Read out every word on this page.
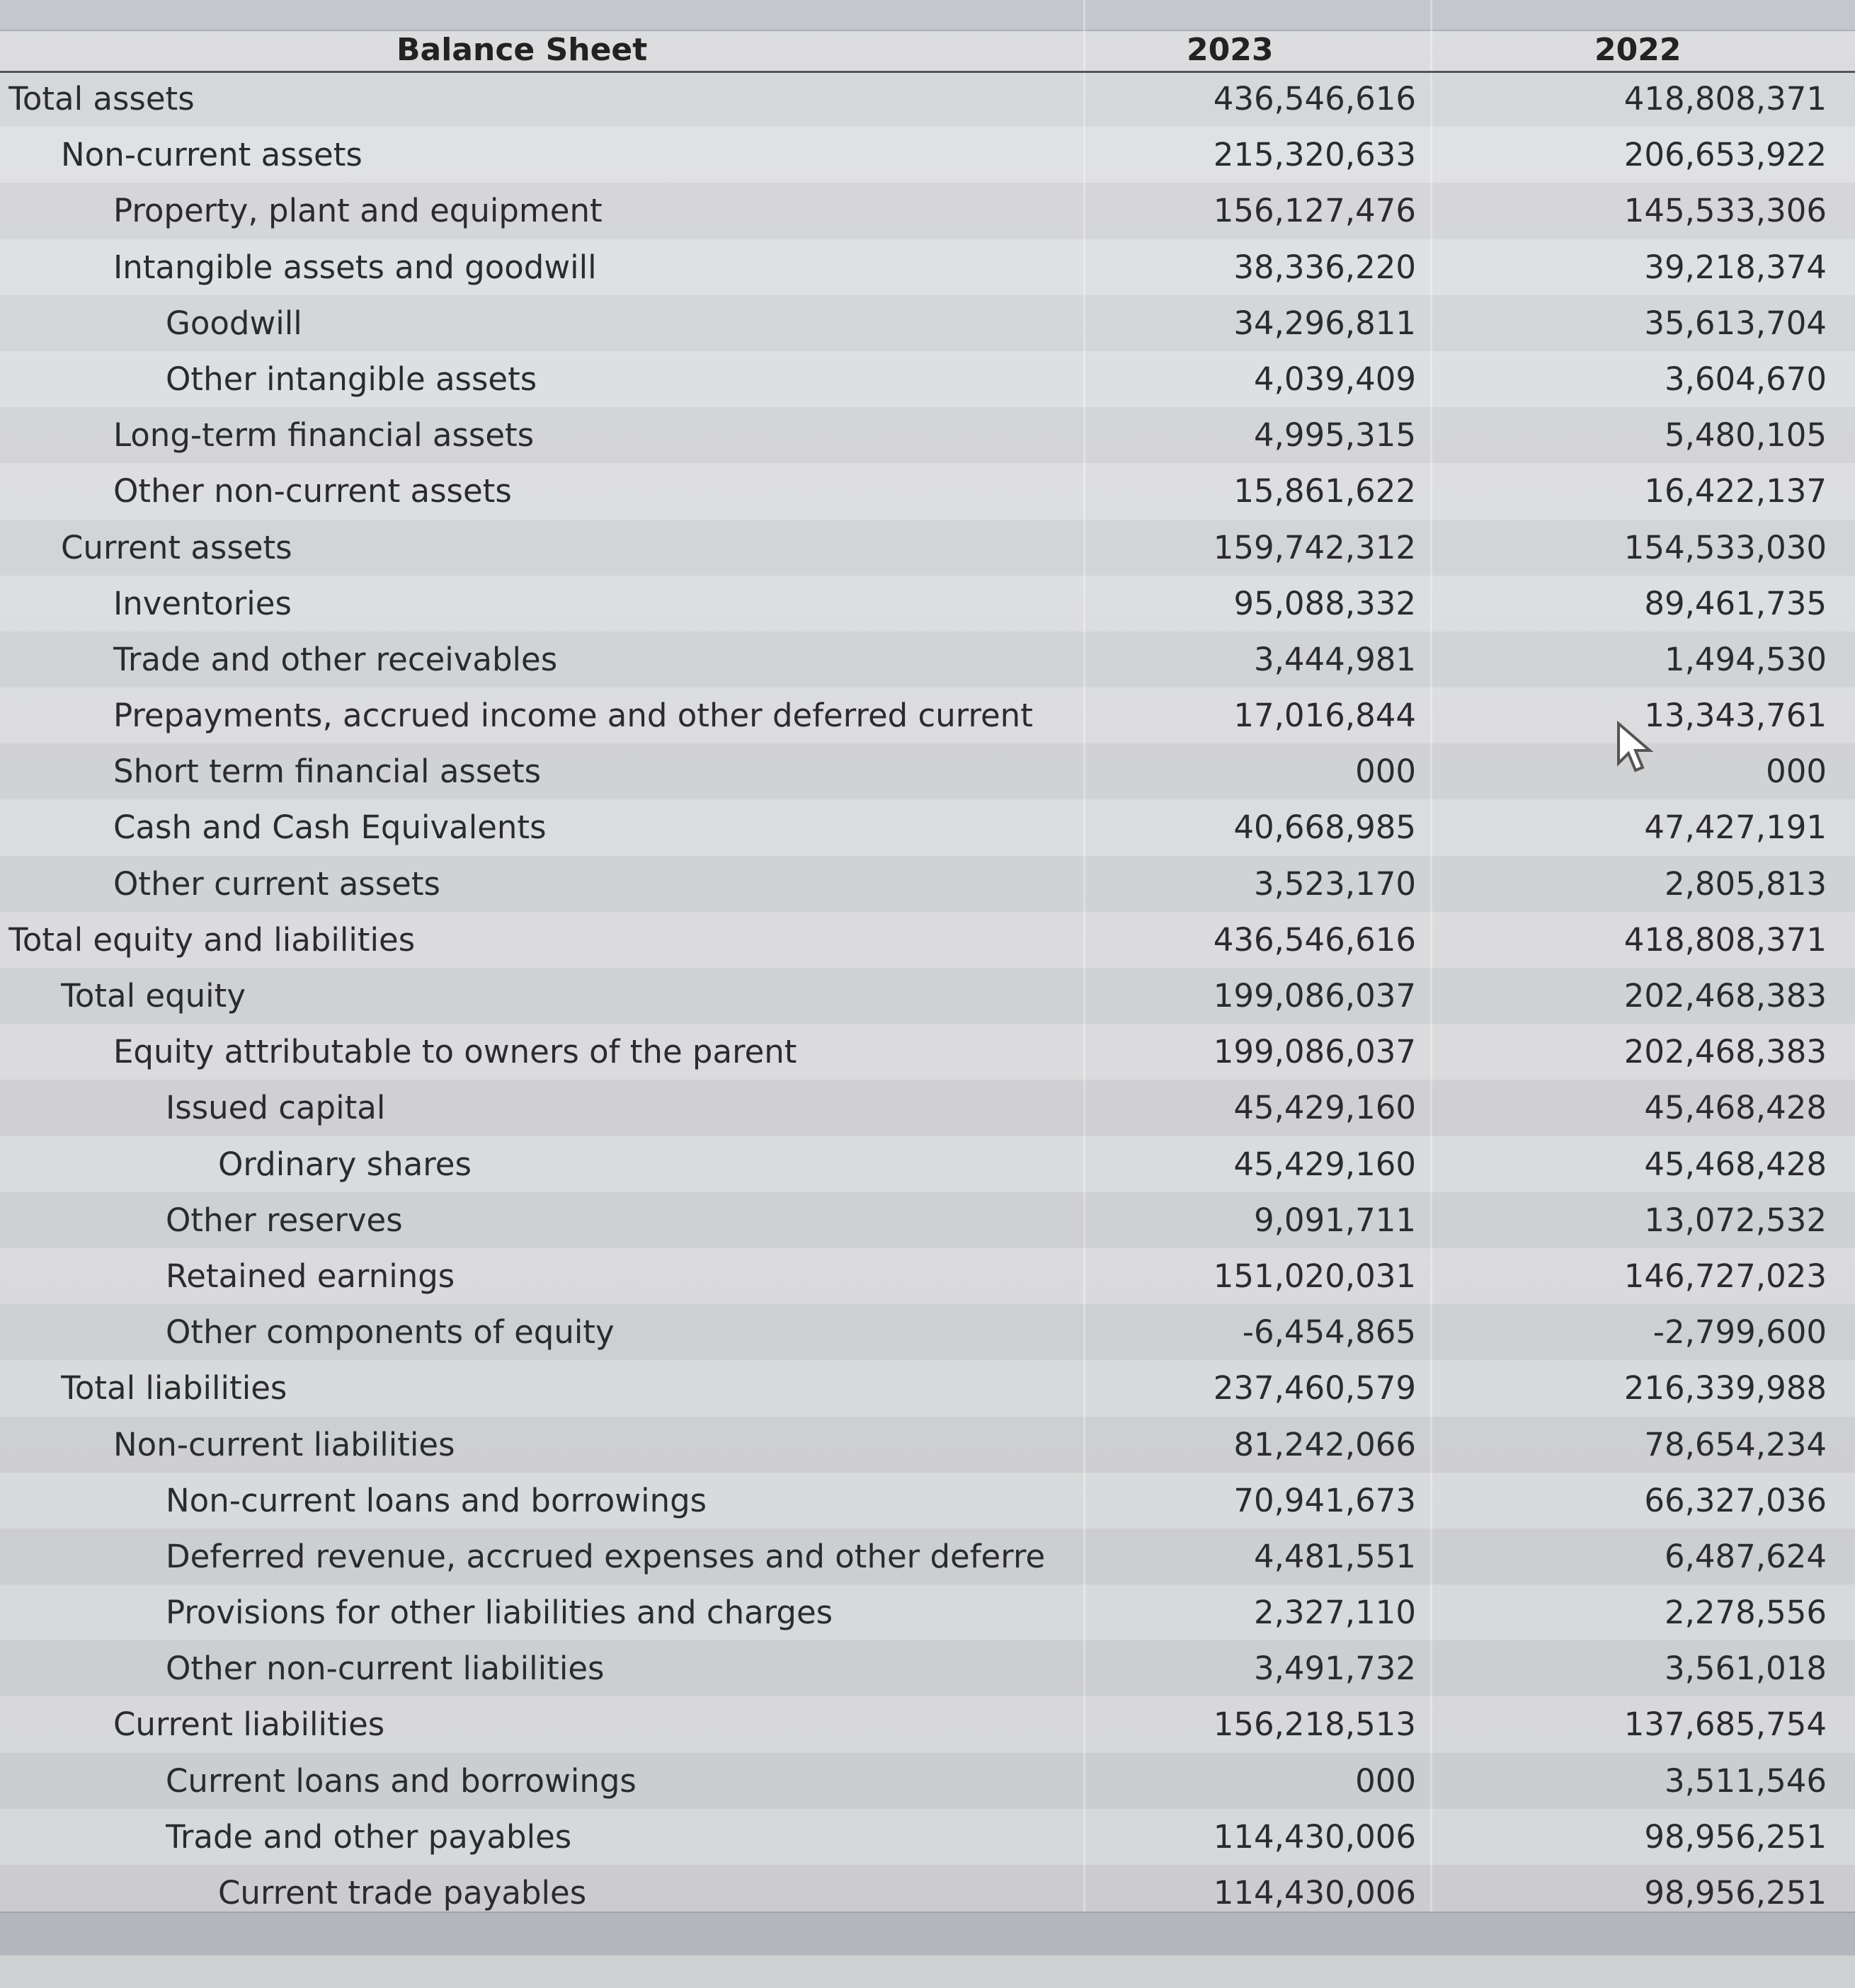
Balance Sheet	2023	2022
Total assets	436,546,616	418,808,371
Non-current assets	215,320,633	206,653,922
Property, plant and equipment	156,127,476	145,533,306
Intangible assets and goodwill	38,336,220	39,218,374
Goodwill	34,296,811	35,613,704
Other intangible assets	4,039,409	3,604,670
Long-term financial assets	4,995,315	5,480,105
Other non-current assets	15,861,622	16,422,137
Current assets	159,742,312	154,533,030
Inventories	95,088,332	89,461,735
Trade and other receivables	3,444,981	1,494,530
Prepayments, accrued income and other deferred current	17,016,844	13,343,761
Short term financial assets	000	000
Cash and Cash Equivalents	40,668,985	47,427,191
Other current assets	3,523,170	2,805,813
Total equity and liabilities	436,546,616	418,808,371
Total equity	199,086,037	202,468,383
Equity attributable to owners of the parent	199,086,037	202,468,383
Issued capital	45,429,160	45,468,428
Ordinary shares	45,429,160	45,468,428
Other reserves	9,091,711	13,072,532
Retained earnings	151,020,031	146,727,023
Other components of equity	-6,454,865	-2,799,600
Total liabilities	237,460,579	216,339,988
Non-current liabilities	81,242,066	78,654,234
Non-current loans and borrowings	70,941,673	66,327,036
Deferred revenue, accrued expenses and other deferre	4,481,551	6,487,624
Provisions for other liabilities and charges	2,327,110	2,278,556
Other non-current liabilities	3,491,732	3,561,018
Current liabilities	156,218,513	137,685,754
Current loans and borrowings	000	3,511,546
Trade and other payables	114,430,006	98,956,251
Current trade payables	114,430,006	98,956,251
